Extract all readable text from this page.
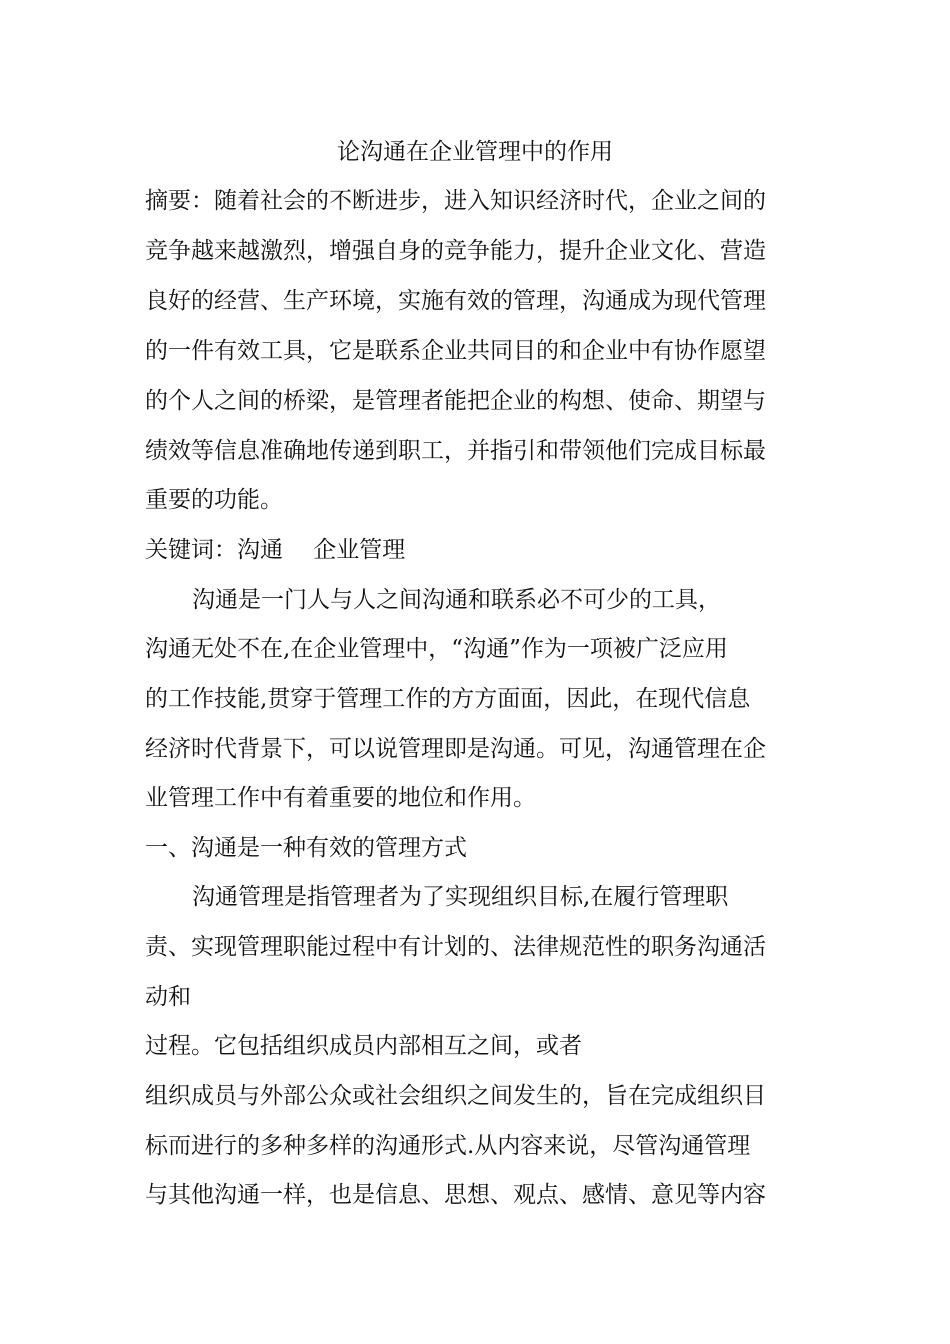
论沟通在企业管理中的作用
摘要：随着社会的不断进步，进入知识经济时代，企业之间的
竞争越来越激烈，增强自身的竞争能力，提升企业文化、营造
良好的经营、生产环境，实施有效的管理，沟通成为现代管理
的一件有效工具，它是联系企业共同目的和企业中有协作愿望
的个人之间的桥梁，是管理者能把企业的构想、使命、期望与
绩效等信息准确地传递到职工，并指引和带领他们完成目标最
重要的功能。
关键词：沟通　 企业管理
沟通是一门人与人之间沟通和联系必不可少的工具，
沟通无处不在,在企业管理中，“沟通”作为一项被广泛应用
的工作技能,贯穿于管理工作的方方面面，因此，在现代信息
经济时代背景下，可以说管理即是沟通。可见，沟通管理在企
业管理工作中有着重要的地位和作用。
一、沟通是一种有效的管理方式
沟通管理是指管理者为了实现组织目标,在履行管理职
责、实现管理职能过程中有计划的、法律规范性的职务沟通活
动和
过程。它包括组织成员内部相互之间，或者
组织成员与外部公众或社会组织之间发生的，旨在完成组织目
标而进行的多种多样的沟通形式.从内容来说，尽管沟通管理
与其他沟通一样，也是信息、思想、观点、感情、意见等内容
